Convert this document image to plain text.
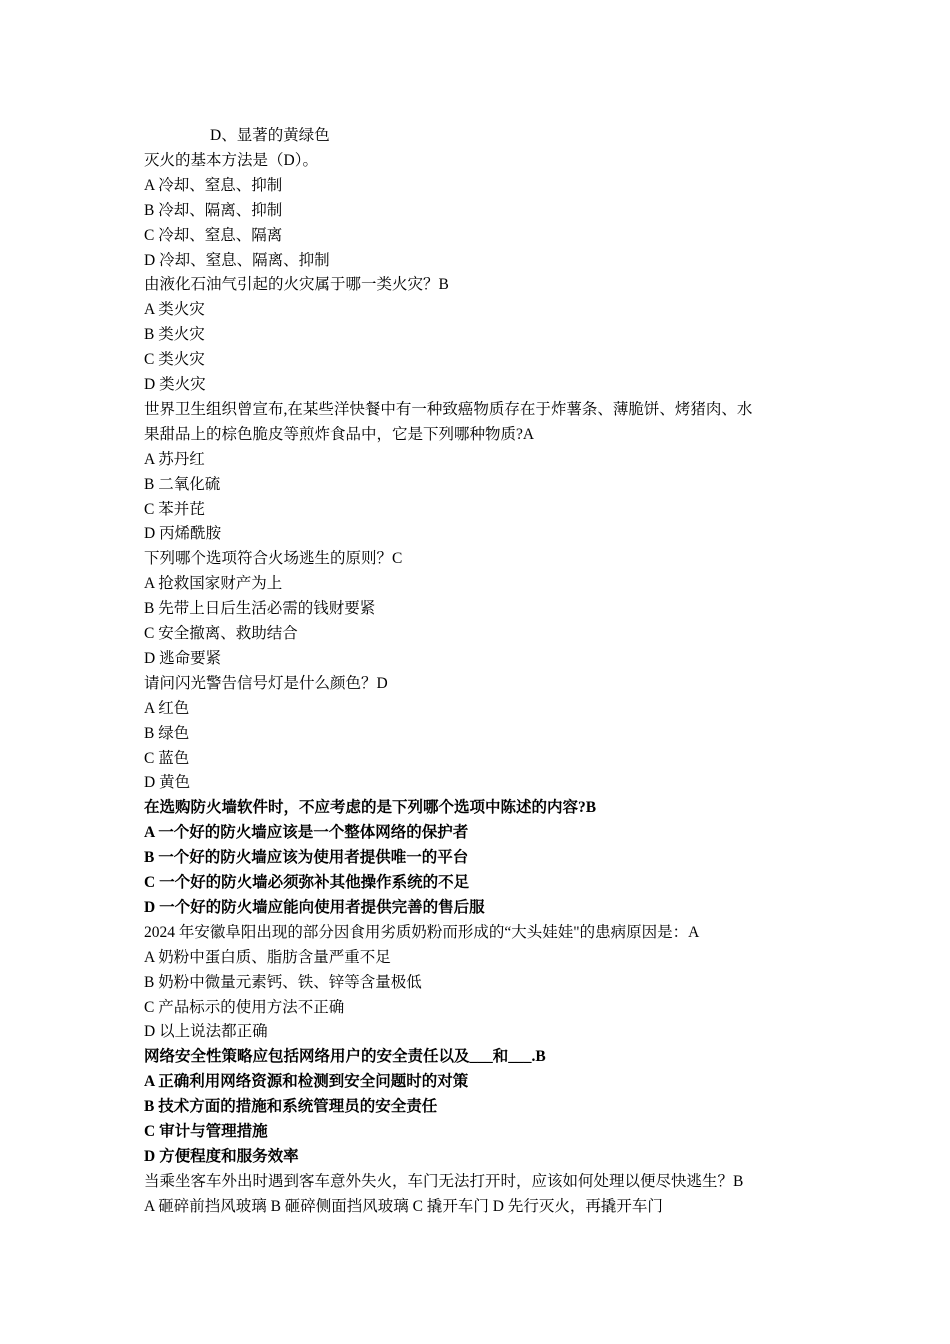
D、显著的黄绿色
灭火的基本方法是（D）。
A 冷却、窒息、抑制
B 冷却、隔离、抑制
C 冷却、窒息、隔离
D 冷却、窒息、隔离、抑制
由液化石油气引起的火灾属于哪一类火灾？B
A 类火灾
B 类火灾
C 类火灾
D 类火灾
世界卫生组织曾宣布,在某些洋快餐中有一种致癌物质存在于炸薯条、薄脆饼、烤猪肉、水
果甜品上的棕色脆皮等煎炸食品中，它是下列哪种物质?A
A 苏丹红
B 二氧化硫
C 苯并芘
D 丙烯酰胺
下列哪个选项符合火场逃生的原则？C
A 抢救国家财产为上
B 先带上日后生活必需的钱财要紧
C 安全撤离、救助结合
D 逃命要紧
请问闪光警告信号灯是什么颜色？D
A 红色
B 绿色
C 蓝色
D 黄色
在选购防火墙软件时，不应考虑的是下列哪个选项中陈述的内容?B
A 一个好的防火墙应该是一个整体网络的保护者
B 一个好的防火墙应该为使用者提供唯一的平台
C 一个好的防火墙必须弥补其他操作系统的不足
D 一个好的防火墙应能向使用者提供完善的售后服
2024 年安徽阜阳出现的部分因食用劣质奶粉而形成的“大头娃娃"的患病原因是：A
A 奶粉中蛋白质、脂肪含量严重不足
B 奶粉中微量元素钙、铁、锌等含量极低
C 产品标示的使用方法不正确
D 以上说法都正确
网络安全性策略应包括网络用户的安全责任以及___和___.B
A 正确利用网络资源和检测到安全问题时的对策
B 技术方面的措施和系统管理员的安全责任
C 审计与管理措施
D 方便程度和服务效率
当乘坐客车外出时遇到客车意外失火，车门无法打开时，应该如何处理以便尽快逃生？B
A 砸碎前挡风玻璃 B 砸碎侧面挡风玻璃 C 撬开车门 D 先行灭火，再撬开车门
